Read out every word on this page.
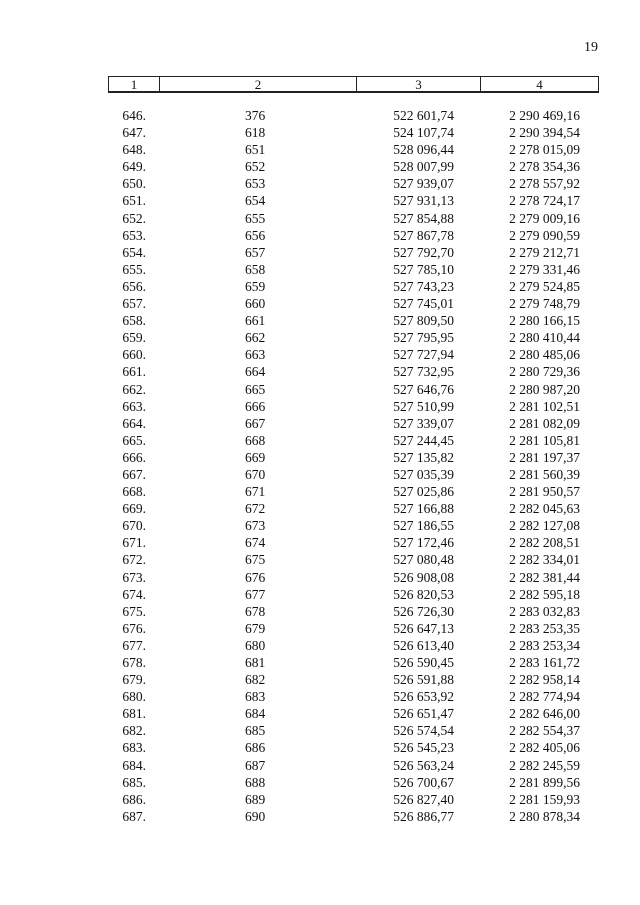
19
1	2	3	4
646.	376	522 601,74	2 290 469,16
647.	618	524 107,74	2 290 394,54
648.	651	528 096,44	2 278 015,09
649.	652	528 007,99	2 278 354,36
650.	653	527 939,07	2 278 557,92
651.	654	527 931,13	2 278 724,17
652.	655	527 854,88	2 279 009,16
653.	656	527 867,78	2 279 090,59
654.	657	527 792,70	2 279 212,71
655.	658	527 785,10	2 279 331,46
656.	659	527 743,23	2 279 524,85
657.	660	527 745,01	2 279 748,79
658.	661	527 809,50	2 280 166,15
659.	662	527 795,95	2 280 410,44
660.	663	527 727,94	2 280 485,06
661.	664	527 732,95	2 280 729,36
662.	665	527 646,76	2 280 987,20
663.	666	527 510,99	2 281 102,51
664.	667	527 339,07	2 281 082,09
665.	668	527 244,45	2 281 105,81
666.	669	527 135,82	2 281 197,37
667.	670	527 035,39	2 281 560,39
668.	671	527 025,86	2 281 950,57
669.	672	527 166,88	2 282 045,63
670.	673	527 186,55	2 282 127,08
671.	674	527 172,46	2 282 208,51
672.	675	527 080,48	2 282 334,01
673.	676	526 908,08	2 282 381,44
674.	677	526 820,53	2 282 595,18
675.	678	526 726,30	2 283 032,83
676.	679	526 647,13	2 283 253,35
677.	680	526 613,40	2 283 253,34
678.	681	526 590,45	2 283 161,72
679.	682	526 591,88	2 282 958,14
680.	683	526 653,92	2 282 774,94
681.	684	526 651,47	2 282 646,00
682.	685	526 574,54	2 282 554,37
683.	686	526 545,23	2 282 405,06
684.	687	526 563,24	2 282 245,59
685.	688	526 700,67	2 281 899,56
686.	689	526 827,40	2 281 159,93
687.	690	526 886,77	2 280 878,34
